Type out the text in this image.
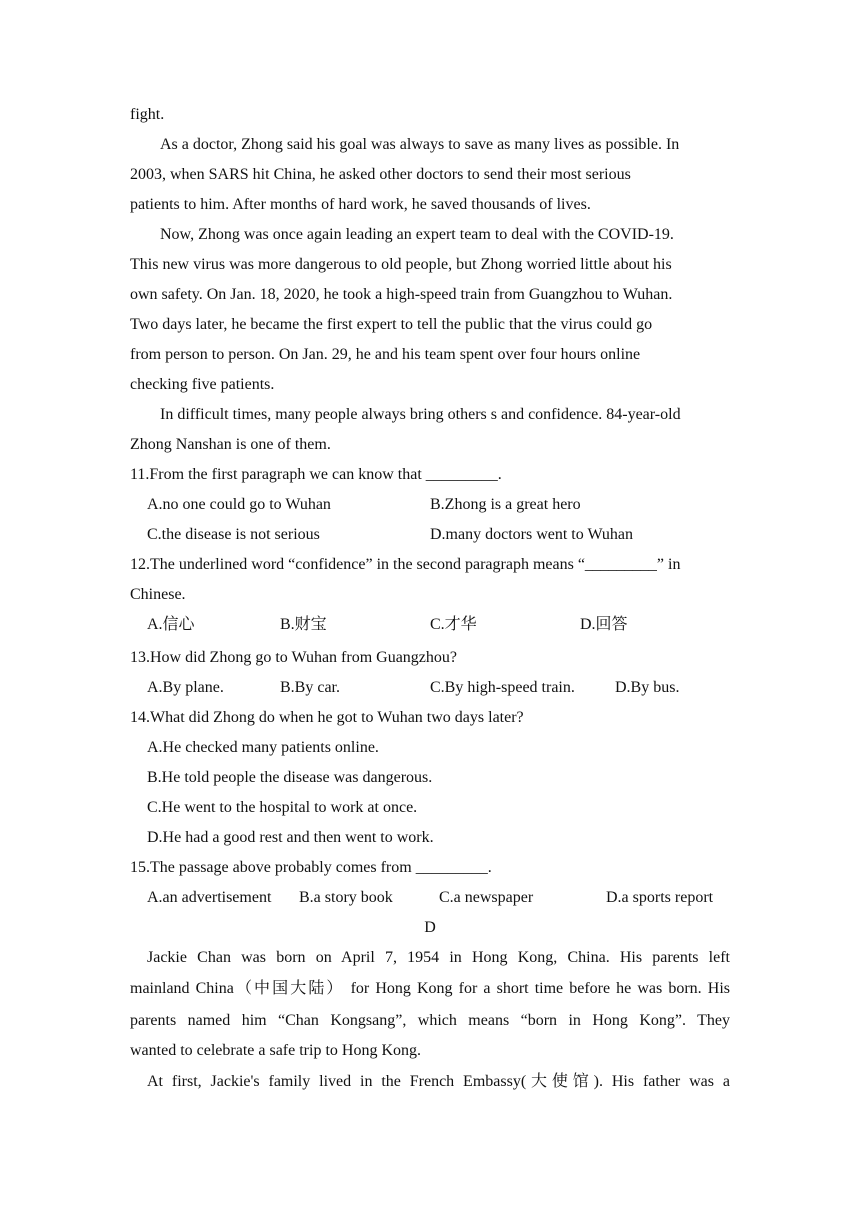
fight.
As a doctor, Zhong said his goal was always to save as many lives as possible. In
2003, when SARS hit China, he asked other doctors to send their most serious
patients to him. After months of hard work, he saved thousands of lives.
Now, Zhong was once again leading an expert team to deal with the COVID-19.
This new virus was more dangerous to old people, but Zhong worried little about his
own safety. On Jan. 18, 2020, he took a high-speed train from Guangzhou to Wuhan.
Two days later, he became the first expert to tell the public that the virus could go
from person to person. On Jan. 29, he and his team spent over four hours online
checking five patients.
In difficult times, many people always bring others s and confidence. 84-year-old
Zhong Nanshan is one of them.
11.From the first paragraph we can know that _________.
A.no one could go to Wuhan	B.Zhong is a great hero
C.the disease is not serious	D.many doctors went to Wuhan
12.The underlined word “confidence” in the second paragraph means “_________” in
Chinese.
A.信心	B.财宝	C.才华	D.回答
13.How did Zhong go to Wuhan from Guangzhou?
A.By plane.	B.By car.	C.By high-speed train.	D.By bus.
14.What did Zhong do when he got to Wuhan two days later?
A.He checked many patients online.
B.He told people the disease was dangerous.
C.He went to the hospital to work at once.
D.He had a good rest and then went to work.
15.The passage above probably comes from _________.
A.an advertisement B.a story book	C.a newspaper	D.a sports report
D
Jackie Chan was born on April 7, 1954 in Hong Kong, China. His parents left
mainland China（中国大陆） for Hong Kong for a short time before he was born. His
parents named him “Chan Kongsang”, which means “born in Hong Kong”. They
wanted to celebrate a safe trip to Hong Kong.
At first, Jackie's family lived in the French Embassy(大使馆). His father was a
